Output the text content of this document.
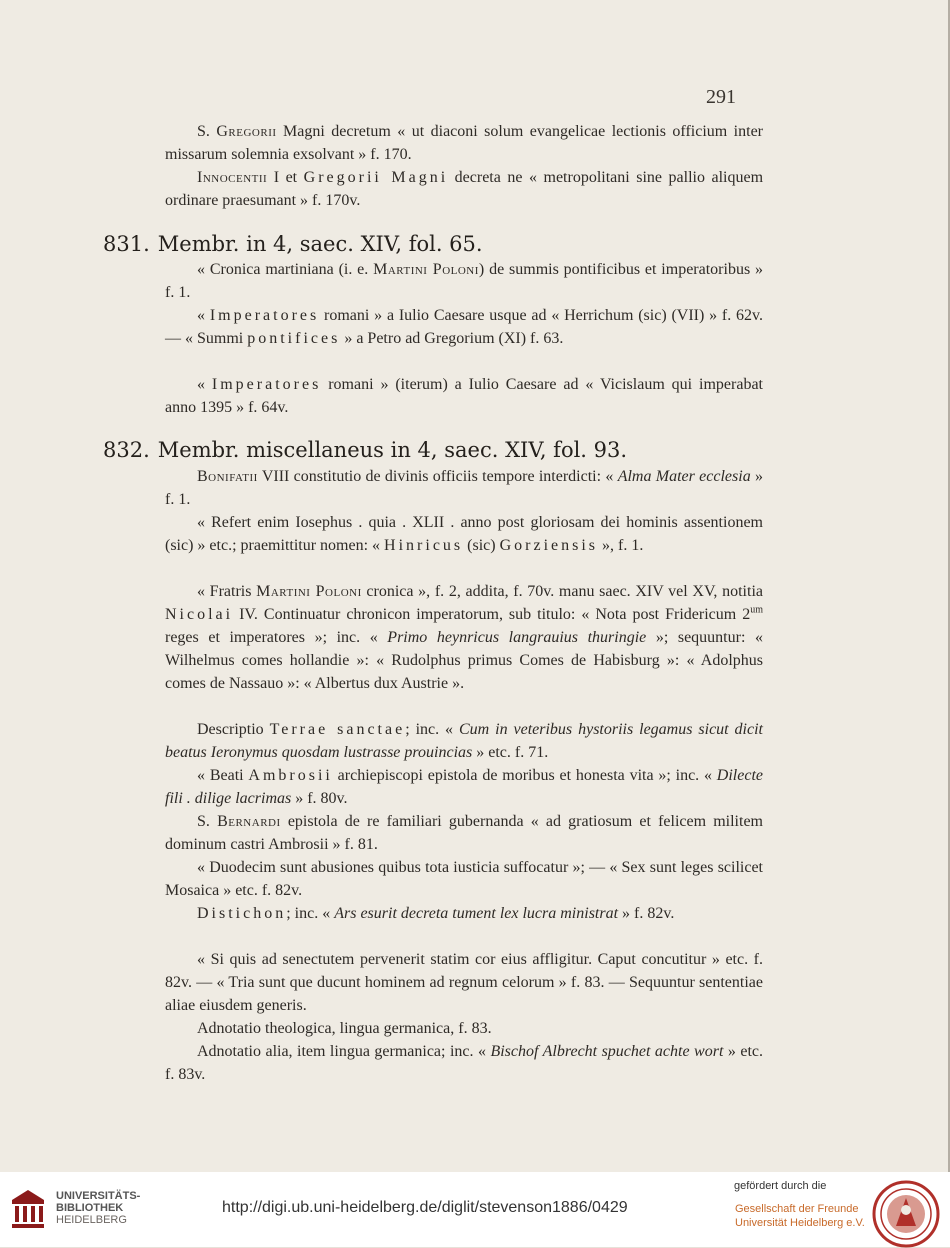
291

S. Gregorii Magni decretum « ut diaconi solum evangelicae lectionis officium inter missarum solemnia exsolvant » f. 170.

Innocentii I et Gregorii Magni decreta ne « metropolitani sine pallio aliquem ordinare praesumant » f. 170v.

831. Membr. in 4, saec. XIV, fol. 65.

« Cronica martiniana (i. e. Martini Poloni) de summis pontificibus et imperatoribus » f. 1.

« Imperatores romani » a Iulio Caesare usque ad « Herrichum (sic) (VII) » f. 62v. — « Summi pontifices » a Petro ad Gregorium (XI) f. 63.

« Imperatores romani » (iterum) a Iulio Caesare ad « Vicislaum qui imperabat anno 1395 » f. 64v.

832. Membr. miscellaneus in 4, saec. XIV, fol. 93.

Bonifatii VIII constitutio de divinis officiis tempore interdicti: « Alma Mater ecclesia » f. 1.

« Refert enim Iosephus . quia . XLII . anno post gloriosam dei hominis assentionem (sic) » etc.; praemittitur nomen: « Hinricus (sic) Gorziensis », f. 1.

« Fratris Martini Poloni cronica », f. 2, addita, f. 70v. manu saec. XIV vel XV, notitia Nicolai IV. Continuatur chronicon imperatorum, sub titulo: « Nota post Fridericum $2^{um}$ reges et imperatores »; inc. « Primo heynricus langrauius thuringie »; sequuntur: « Wilhelmus comes hollandie »: « Rudolphus primus Comes de Habisburg »: « Adolphus comes de Nassauo »: « Albertus dux Austrie ».

Descriptio Terrae sanctae; inc. « Cum in veteribus hystoriis legamus sicut dicit beatus Ieronymus quosdam lustrasse prouincias » etc. f. 71.

« Beati Ambrosii archiepiscopi epistola de moribus et honesta vita »; inc. « Dilecte fili . dilige lacrimas » f. 80v.

S. Bernardi epistola de re familiari gubernanda « ad gratiosum et felicem militem dominum castri Ambrosii » f. 81.

« Duodecim sunt abusiones quibus tota iusticia suffocatur »; — « Sex sunt leges scilicet Mosaica » etc. f. 82v.

Distichon; inc. « Ars esurit decreta tument lex lucra ministrat » f. 82v.

« Si quis ad senectutem pervenerit statim cor eius affligitur. Caput concutitur » etc. f. 82v. — « Tria sunt que ducunt hominem ad regnum celorum » f. 83. — Sequuntur sententiae aliae eiusdem generis.

Adnotatio theologica, lingua germanica, f. 83.

Adnotatio alia, item lingua germanica; inc. « Bischof Albrecht spuchet achte wort » etc. f. 83v.

UNIVERSITÄTS-
BIBLIOTHEK
HEIDELBERG
http://digi.ub.uni-heidelberg.de/diglit/stevenson1886/0429
gefördert durch die
Gesellschaft der Freunde
Universität Heidelberg e.V.
